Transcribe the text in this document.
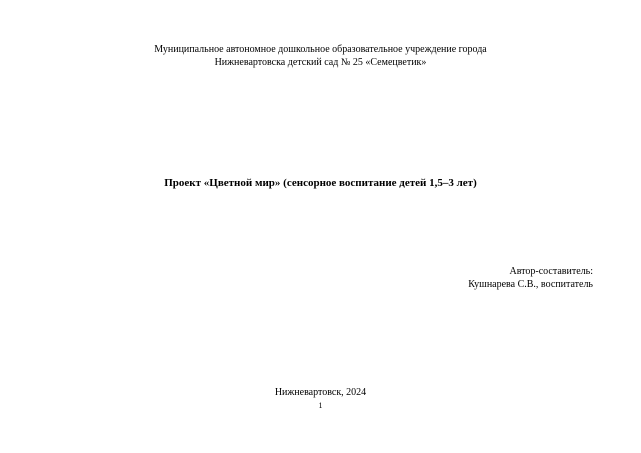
Муниципальное автономное дошкольное образовательное учреждение города
Нижневартовска детский сад № 25 «Семецветик»
Проект «Цветной мир» (сенсорное воспитание детей 1,5–3 лет)
Автор-составитель:
Кушнарева С.В., воспитатель
Нижневартовск, 2024
1
